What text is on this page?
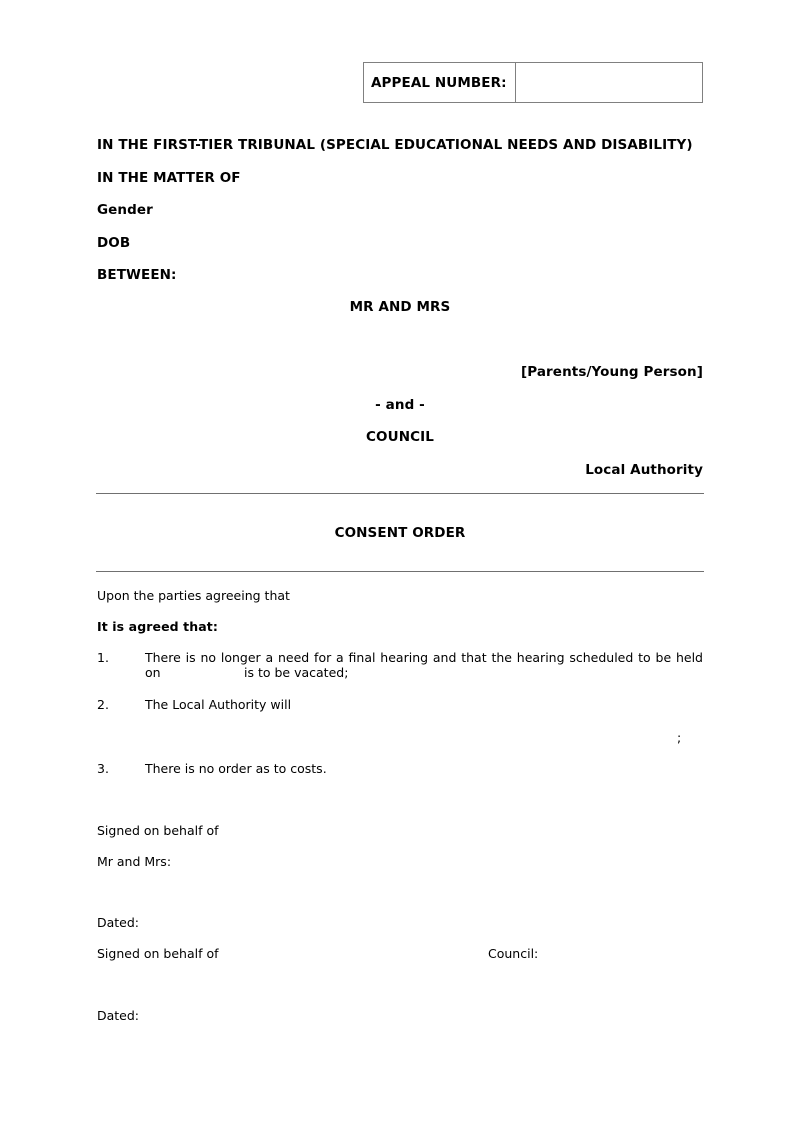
APPEAL NUMBER:
IN THE FIRST-TIER TRIBUNAL (SPECIAL EDUCATIONAL NEEDS AND DISABILITY)
IN THE MATTER OF
Gender
DOB
BETWEEN:
MR AND MRS
[Parents/Young Person]
- and -
COUNCIL
Local Authority
CONSENT ORDER
Upon the parties agreeing that
It is agreed that:
1.	There is no longer a need for a final hearing and that the hearing scheduled to be held
on	is to be vacated;
2.	The Local Authority will
;
3.	There is no order as to costs.
Signed on behalf of
Mr and Mrs:
Dated:
Signed on behalf of	Council:
Dated:
